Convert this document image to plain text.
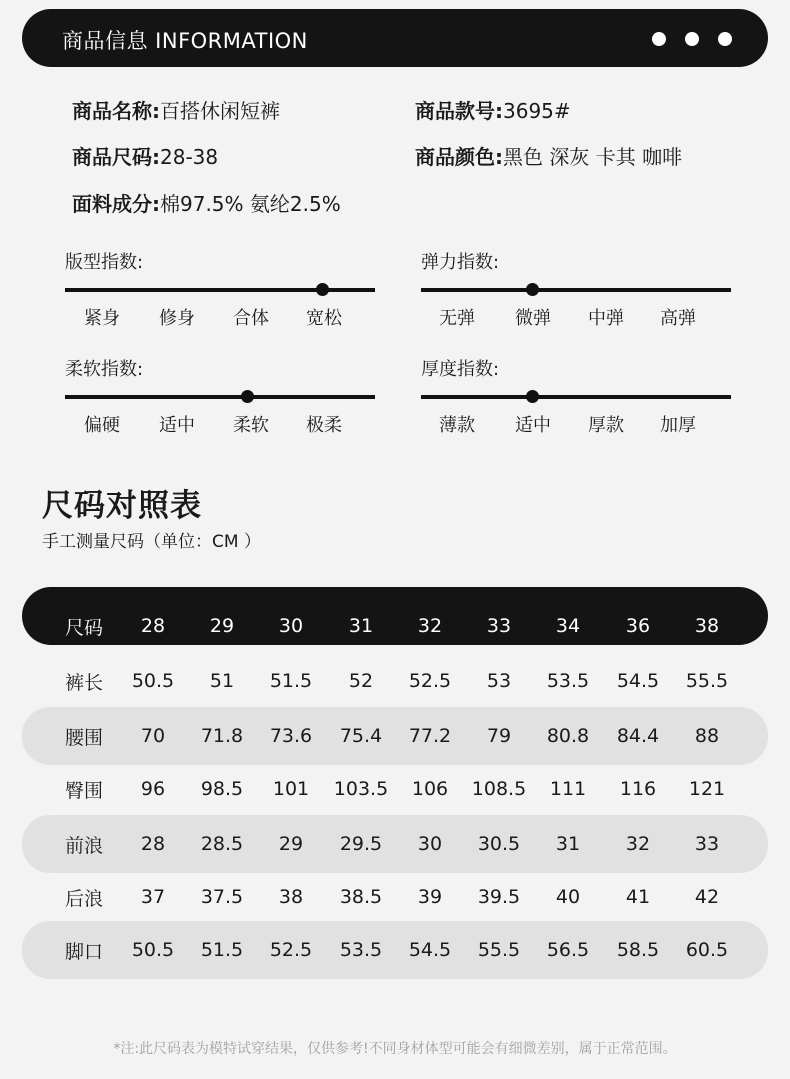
商品信息 INFORMATION
商品名称:百搭休闲短裤	商品款号:3695#
商品尺码:28-38	商品颜色:黑色 深灰 卡其 咖啡
面料成分:棉97.5% 氨纶2.5%
版型指数:
紧身	修身	合体	宽松
弹力指数:
无弹	微弹	中弹	高弹
柔软指数:
偏硬	适中	柔软	极柔
厚度指数:
薄款	适中	厚款	加厚
尺码对照表
手工测量尺码（单位：CM ）
尺码	28	29	30	31	32	33	34	36	38
裤长	50.5	51	51.5	52	52.5	53	53.5	54.5	55.5
腰围	70	71.8	73.6	75.4	77.2	79	80.8	84.4	88
臀围	96	98.5	101	103.5	106	108.5	111	116	121
前浪	28	28.5	29	29.5	30	30.5	31	32	33
后浪	37	37.5	38	38.5	39	39.5	40	41	42
脚口	50.5	51.5	52.5	53.5	54.5	55.5	56.5	58.5	60.5
*注:此尺码表为模特试穿结果，仅供参考!不同身材体型可能会有细微差别，属于正常范围。
